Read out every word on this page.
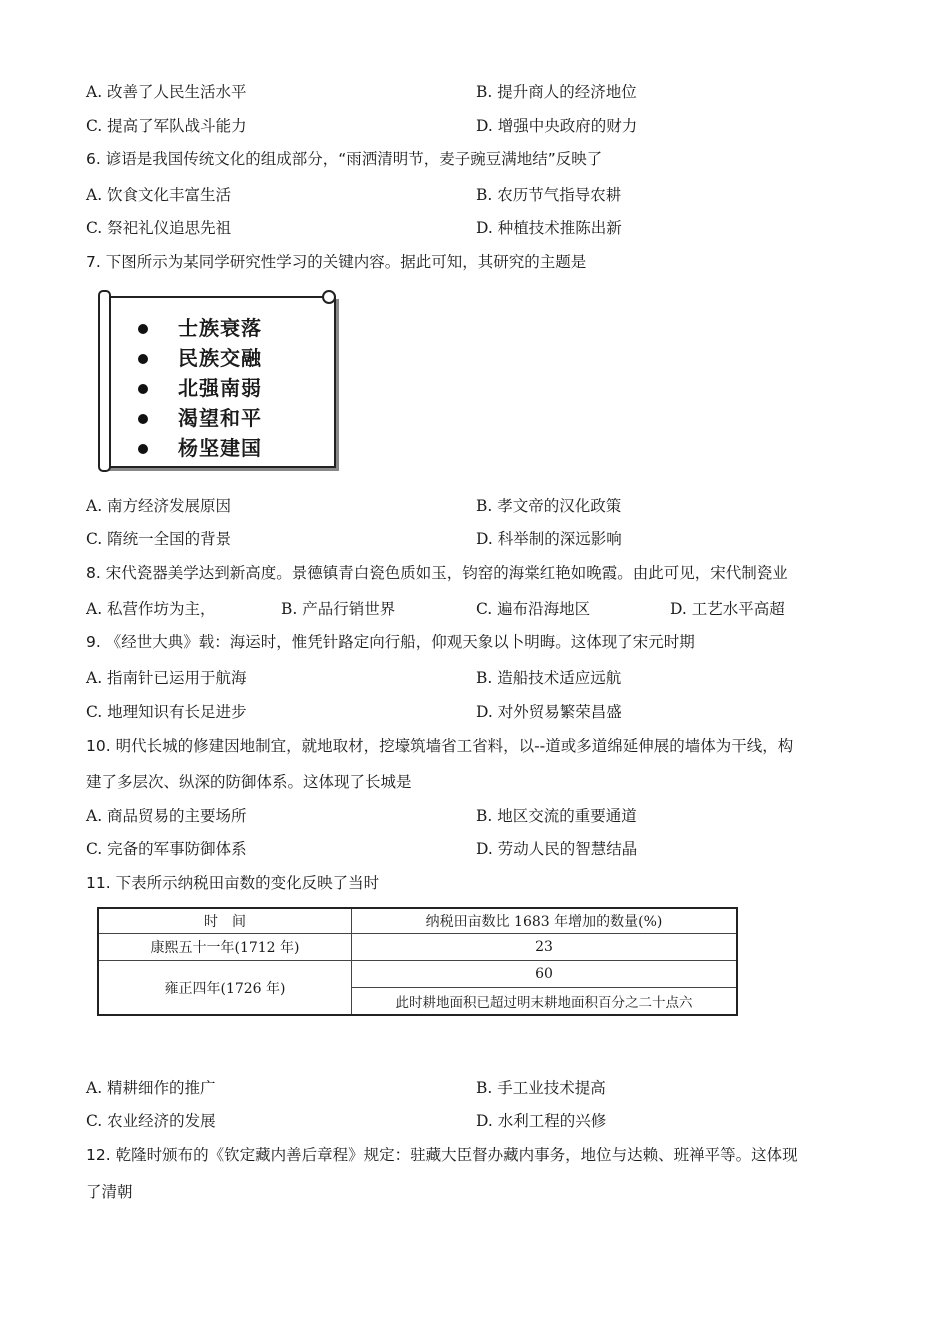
A. 改善了人民生活水平	B. 提升商人的经济地位
C. 提高了军队战斗能力	D. 增强中央政府的财力
6. 谚语是我国传统文化的组成部分，“雨洒清明节，麦子豌豆满地结”反映了
A. 饮食文化丰富生活	B. 农历节气指导农耕
C. 祭祀礼仪追思先祖	D. 种植技术推陈出新
7. 下图所示为某同学研究性学习的关键内容。据此可知，其研究的主题是
士族衰落
民族交融
北强南弱
渴望和平
杨坚建国
A. 南方经济发展原因	B. 孝文帝的汉化政策
C. 隋统一全国的背景	D. 科举制的深远影响
8. 宋代瓷器美学达到新高度。景德镇青白瓷色质如玉，钧窑的海棠红艳如晚霞。由此可见，宋代制瓷业
A. 私营作坊为主，	B. 产品行销世界	C. 遍布沿海地区	D. 工艺水平高超
9. 《经世大典》载：海运时，惟凭针路定向行船，仰观天象以卜明晦。这体现了宋元时期
A. 指南针已运用于航海	B. 造船技术适应远航
C. 地理知识有长足进步	D. 对外贸易繁荣昌盛
10. 明代长城的修建因地制宜，就地取材，挖壕筑墙省工省料，以--道或多道绵延伸展的墙体为干线，构
建了多层次、纵深的防御体系。这体现了长城是
A. 商品贸易的主要场所	B. 地区交流的重要通道
C. 完备的军事防御体系	D. 劳动人民的智慧结晶
11. 下表所示纳税田亩数的变化反映了当时
时　间	纳税田亩数比 1683 年增加的数量(%)
康熙五十一年(1712 年)	23
雍正四年(1726 年)	60
	此时耕地面积已超过明末耕地面积百分之二十点六
A. 精耕细作的推广	B. 手工业技术提高
C. 农业经济的发展	D. 水利工程的兴修
12. 乾隆时颁布的《钦定藏内善后章程》规定：驻藏大臣督办藏内事务，地位与达赖、班禅平等。这体现
了清朝
